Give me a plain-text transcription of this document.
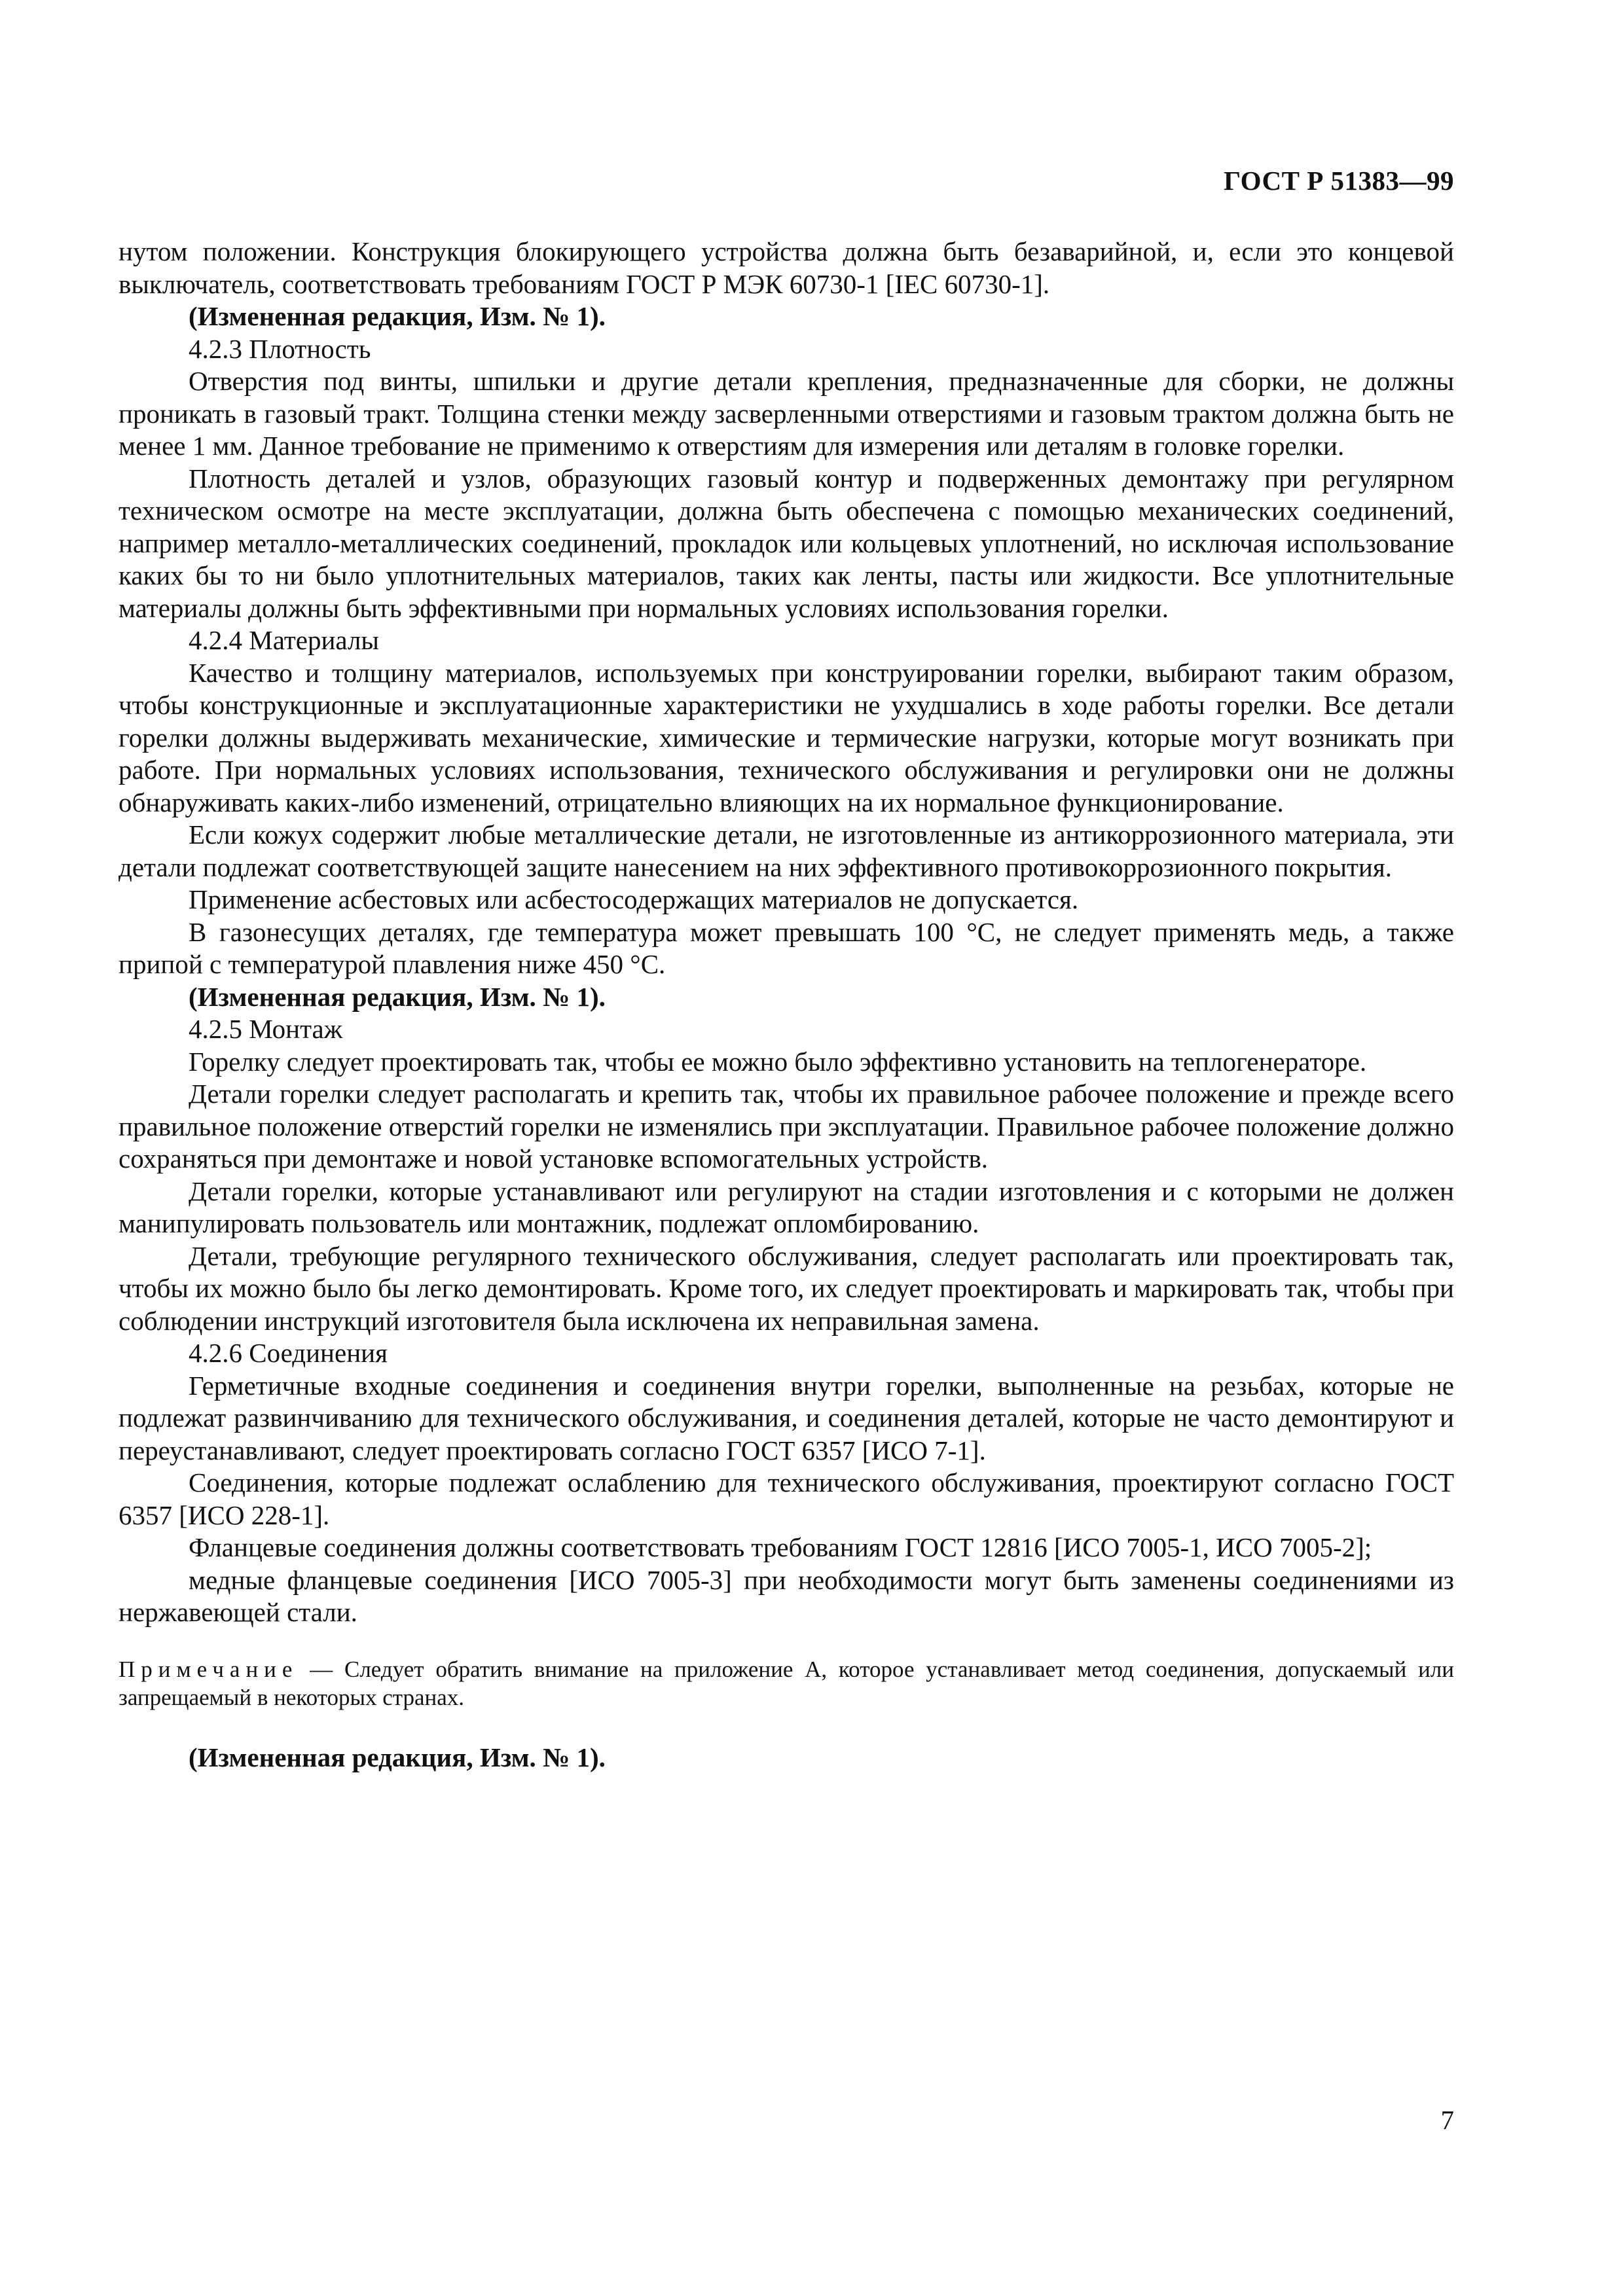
ГОСТ Р 51383—99

нутом положении. Конструкция блокирующего устройства должна быть безаварийной, и, если это концевой выключатель, соответствовать требованиям ГОСТ Р МЭК 60730-1 [IEC 60730-1].

(Измененная редакция, Изм. № 1).

4.2.3 Плотность

Отверстия под винты, шпильки и другие детали крепления, предназначенные для сборки, не должны проникать в газовый тракт. Толщина стенки между засверленными отверстиями и газовым трактом должна быть не менее 1 мм. Данное требование не применимо к отверстиям для измерения или деталям в головке горелки.

Плотность деталей и узлов, образующих газовый контур и подверженных демонтажу при регулярном техническом осмотре на месте эксплуатации, должна быть обеспечена с помощью механических соединений, например металло-металлических соединений, прокладок или кольцевых уплотнений, но исключая использование каких бы то ни было уплотнительных материалов, таких как ленты, пасты или жидкости. Все уплотнительные материалы должны быть эффективными при нормальных условиях использования горелки.

4.2.4 Материалы

Качество и толщину материалов, используемых при конструировании горелки, выбирают таким образом, чтобы конструкционные и эксплуатационные характеристики не ухудшались в ходе работы горелки. Все детали горелки должны выдерживать механические, химические и термические нагрузки, которые могут возникать при работе. При нормальных условиях использования, технического обслуживания и регулировки они не должны обнаруживать каких-либо изменений, отрицательно влияющих на их нормальное функционирование.

Если кожух содержит любые металлические детали, не изготовленные из антикоррозионного материала, эти детали подлежат соответствующей защите нанесением на них эффективного противокоррозионного покрытия.

Применение асбестовых или асбестосодержащих материалов не допускается.

В газонесущих деталях, где температура может превышать 100 °С, не следует применять медь, а также припой с температурой плавления ниже 450 °С.

(Измененная редакция, Изм. № 1).

4.2.5 Монтаж

Горелку следует проектировать так, чтобы ее можно было эффективно установить на теплогенераторе.

Детали горелки следует располагать и крепить так, чтобы их правильное рабочее положение и прежде всего правильное положение отверстий горелки не изменялись при эксплуатации. Правильное рабочее положение должно сохраняться при демонтаже и новой установке вспомогательных устройств.

Детали горелки, которые устанавливают или регулируют на стадии изготовления и с которыми не должен манипулировать пользователь или монтажник, подлежат опломбированию.

Детали, требующие регулярного технического обслуживания, следует располагать или проектировать так, чтобы их можно было бы легко демонтировать. Кроме того, их следует проектировать и маркировать так, чтобы при соблюдении инструкций изготовителя была исключена их неправильная замена.

4.2.6 Соединения

Герметичные входные соединения и соединения внутри горелки, выполненные на резьбах, которые не подлежат развинчиванию для технического обслуживания, и соединения деталей, которые не часто демонтируют и переустанавливают, следует проектировать согласно ГОСТ 6357 [ИСО 7-1].

Соединения, которые подлежат ослаблению для технического обслуживания, проектируют согласно ГОСТ 6357 [ИСО 228-1].

Фланцевые соединения должны соответствовать требованиям ГОСТ 12816 [ИСО 7005-1, ИСО 7005-2];

медные фланцевые соединения [ИСО 7005-3] при необходимости могут быть заменены соединениями из нержавеющей стали.

Примечание — Следует обратить внимание на приложение А, которое устанавливает метод соединения, допускаемый или запрещаемый в некоторых странах.

(Измененная редакция, Изм. № 1).

7
